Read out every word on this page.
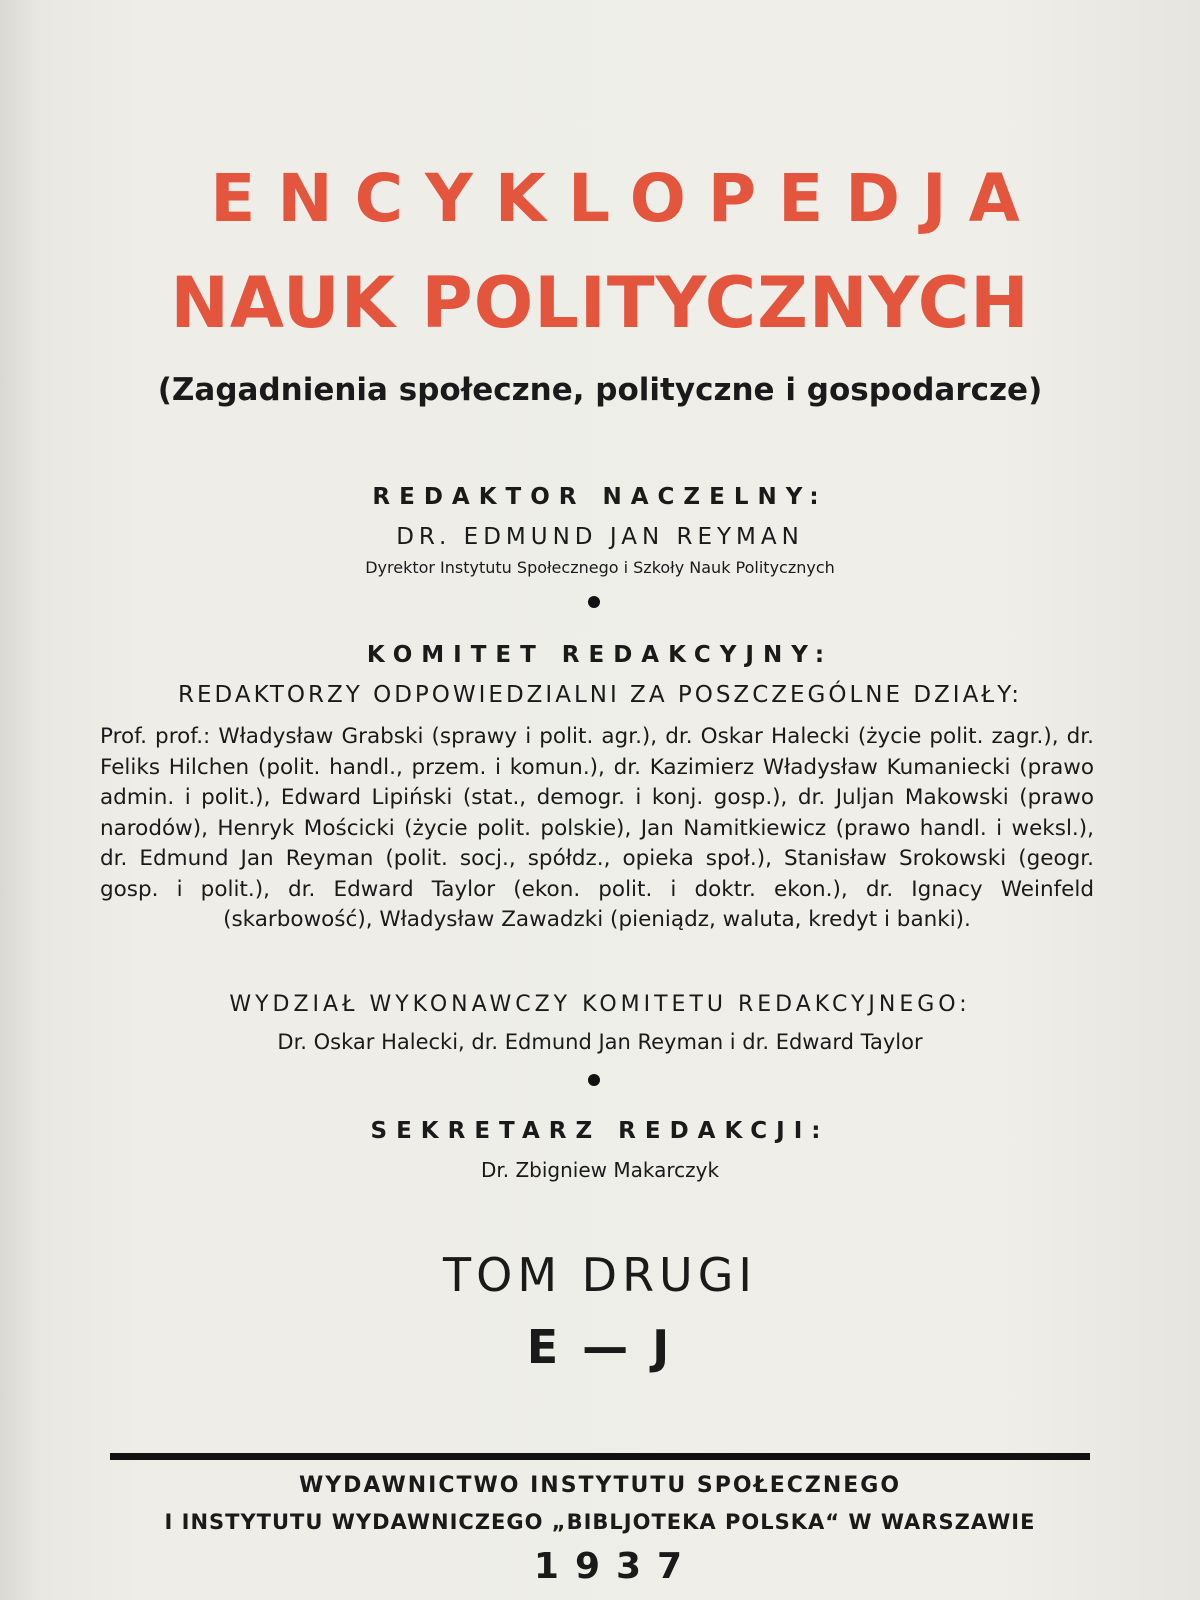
ENCYKLOPEDJA
NAUK POLITYCZNYCH
(Zagadnienia społeczne, polityczne i gospodarcze)
REDAKTOR NACZELNY:
DR. EDMUND JAN REYMAN
Dyrektor Instytutu Społecznego i Szkoły Nauk Politycznych
KOMITET REDAKCYJNY:
REDAKTORZY ODPOWIEDZIALNI ZA POSZCZEGÓLNE DZIAŁY:
Prof. prof.: Władysław Grabski (sprawy i polit. agr.), dr. Oskar Halecki (życie polit. zagr.), dr. Feliks Hilchen (polit. handl., przem. i komun.), dr. Kazimierz Władysław Kumaniecki (prawo admin. i polit.), Edward Lipiński (stat., demogr. i konj. gosp.), dr. Juljan Makowski (prawo narodów), Henryk Mościcki (życie polit. polskie), Jan Namitkiewicz (prawo handl. i weksl.), dr. Edmund Jan Reyman (polit. socj., spółdz., opieka społ.), Stanisław Srokowski (geogr. gosp. i polit.), dr. Edward Taylor (ekon. polit. i doktr. ekon.), dr. Ignacy Weinfeld (skarbowość), Władysław Zawadzki (pieniądz, waluta, kredyt i banki).
WYDZIAŁ WYKONAWCZY KOMITETU REDAKCYJNEGO:
Dr. Oskar Halecki, dr. Edmund Jan Reyman i dr. Edward Taylor
SEKRETARZ REDAKCJI:
Dr. Zbigniew Makarczyk
TOM DRUGI
E — J
WYDAWNICTWO INSTYTUTU SPOŁECZNEGO
I INSTYTUTU WYDAWNICZEGO „BIBLJOTEKA POLSKA“ W WARSZAWIE
1937
